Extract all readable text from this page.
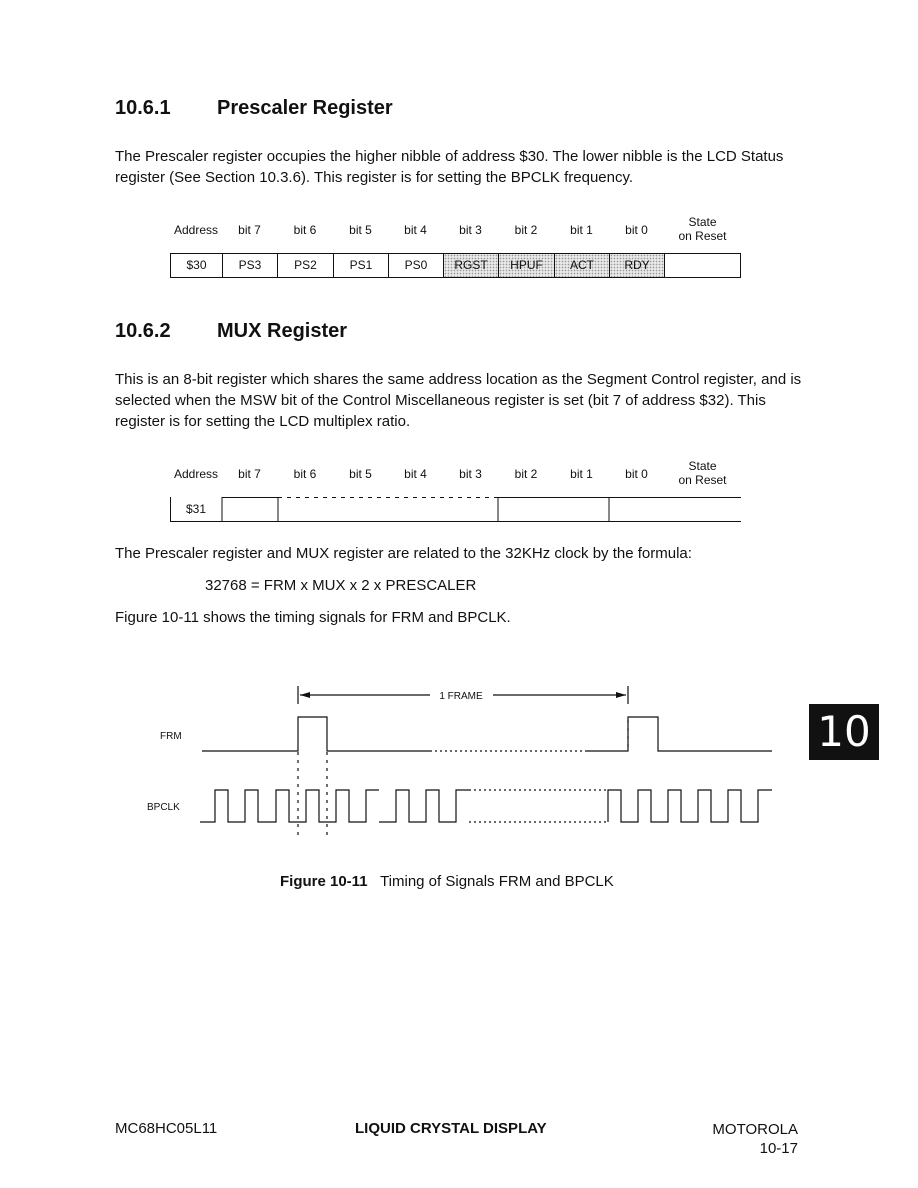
10.6.1 Prescaler Register
The Prescaler register occupies the higher nibble of address $30. The lower nibble is the LCD Status register (See Section 10.3.6). This register is for setting the BPCLK frequency.
Address	bit 7	bit 6	bit 5	bit 4	bit 3	bit 2	bit 1	bit 0
State
on Reset
$30	PS3	PS2	PS1	PS0	RGST	HPUF	ACT	RDY
10.6.2 MUX Register
This is an 8-bit register which shares the same address location as the Segment Control register, and is selected when the MSW bit of the Control Miscellaneous register is set (bit 7 of address $32). This register is for setting the LCD multiplex ratio.
Address	bit 7	bit 6	bit 5	bit 4	bit 3	bit 2	bit 1	bit 0
State
on Reset
$31
The Prescaler register and MUX register are related to the 32KHz clock by the formula:
32768 = FRM x MUX x 2 x PRESCALER
Figure 10-11 shows the timing signals for FRM and BPCLK.
1 FRAME
FRM
BPCLK
Figure 10-11 Timing of Signals FRM and BPCLK
10
MC68HC05L11	LIQUID CRYSTAL DISPLAY	MOTOROLA
10-17
